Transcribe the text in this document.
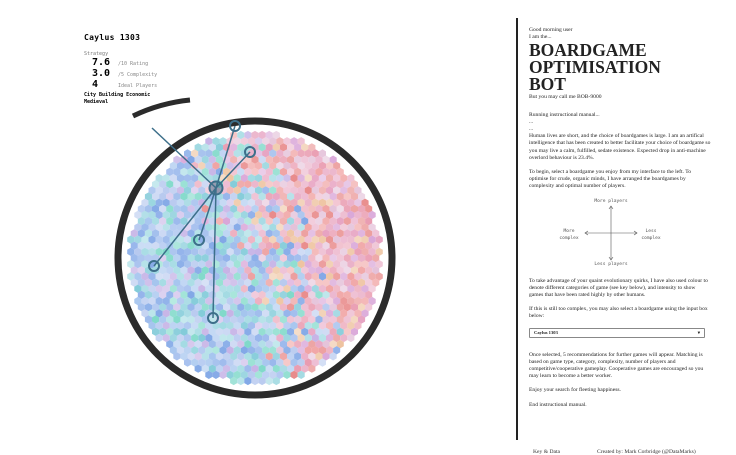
Caylus 1303
Strategy
7.6	/10 Rating
3.0	/5 Complexity
4	Ideal Players
City Building Economic
Medieval
Good morning user
I am the...
BOARDGAME
OPTIMISATION
BOT

But you may call me BOB-9000

Running instructional manual...
...
...

Human lives are short, and the choice of boardgames is large. I am an artifical intelligence that has been created to better facilitate your choice of boardgame so you may live a calm, fulfilled, sedate existence. Expected drop in anti-machine overlord behaviour is 23.4%.

To begin, select a boardgame you enjoy from my interface to the left. To optimise for crude, organic minds, I have arranged the boardgames by complexity and optimal number of players.

More players
Less players
More complex
Less complex

To take advantage of your quaint evolutionary quirks, I have also used colour to denote different categories of game (see key below), and intensity to show games that have been rated highly by other humans.

If this is still too complex, you may also select a boardgame using the input box below:

Caylus 1303	▾

Once selected, 5 recommendations for further games will appear. Matching is based on game type, category, complexity, number of players and competitive/cooperative gameplay. Cooperative games are encouraged so you may learn to become a better worker.

Enjoy your search for fleeting happiness.

End instructional manual.

Key & Data	Created by: Mark Corbridge (@DataMarks)
